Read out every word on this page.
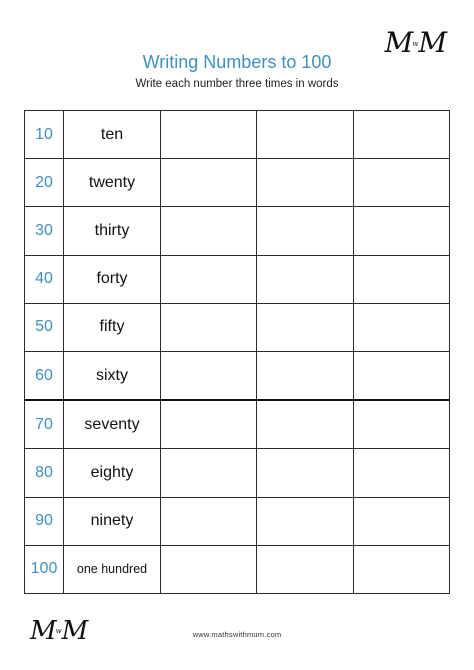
Writing Numbers to 100
Write each number three times in words
$M^wM$
10	ten			
20	twenty			
30	thirty			
40	forty			
50	fifty			
60	sixty			
70	seventy			
80	eighty			
90	ninety			
100	one hundred			
$M^wM$	www.mathswithmum.com
